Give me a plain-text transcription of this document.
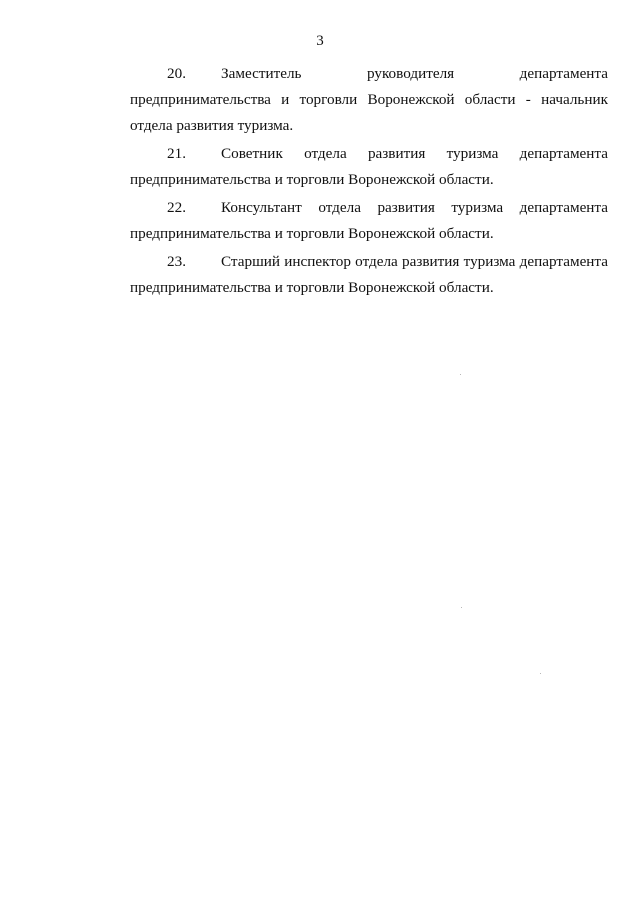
3
20. Заместитель руководителя департамента предпринимательства и торговли Воронежской области - начальник отдела развития туризма.
21. Советник отдела развития туризма департамента предпринимательства и торговли Воронежской области.
22. Консультант отдела развития туризма департамента предпринимательства и торговли Воронежской области.
23. Старший инспектор отдела развития туризма департамента предпринимательства и торговли Воронежской области.
